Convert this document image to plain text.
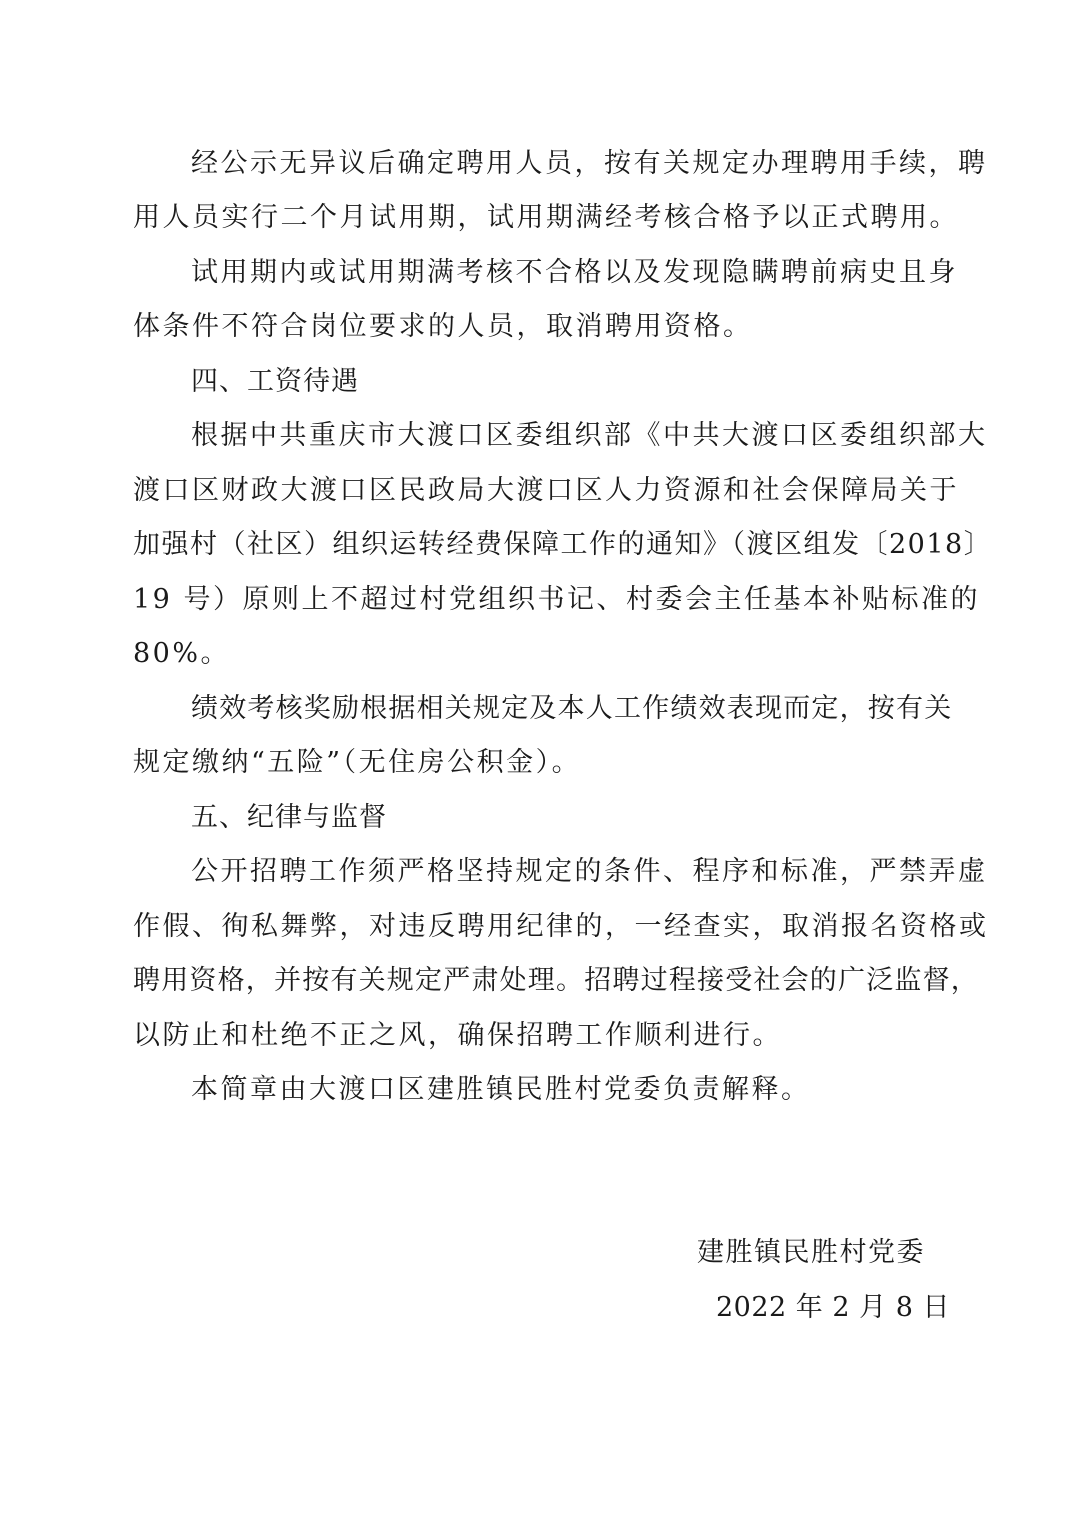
经公示无异议后确定聘用人员，按有关规定办理聘用手续，聘
用人员实行二个月试用期，试用期满经考核合格予以正式聘用。
试用期内或试用期满考核不合格以及发现隐瞒聘前病史且身
体条件不符合岗位要求的人员，取消聘用资格。
四、工资待遇
根据中共重庆市大渡口区委组织部《中共大渡口区委组织部大
渡口区财政大渡口区民政局大渡口区人力资源和社会保障局关于
加强村（社区）组织运转经费保障工作的通知》（渡区组发〔2018〕
19 号）原则上不超过村党组织书记、村委会主任基本补贴标准的
80%。
绩效考核奖励根据相关规定及本人工作绩效表现而定，按有关
规定缴纳“五险”（无住房公积金）。
五、纪律与监督
公开招聘工作须严格坚持规定的条件、程序和标准，严禁弄虚
作假、徇私舞弊，对违反聘用纪律的，一经查实，取消报名资格或
聘用资格，并按有关规定严肃处理。招聘过程接受社会的广泛监督，
以防止和杜绝不正之风，确保招聘工作顺利进行。
本简章由大渡口区建胜镇民胜村党委负责解释。
建胜镇民胜村党委
2022 年 2 月 8 日
